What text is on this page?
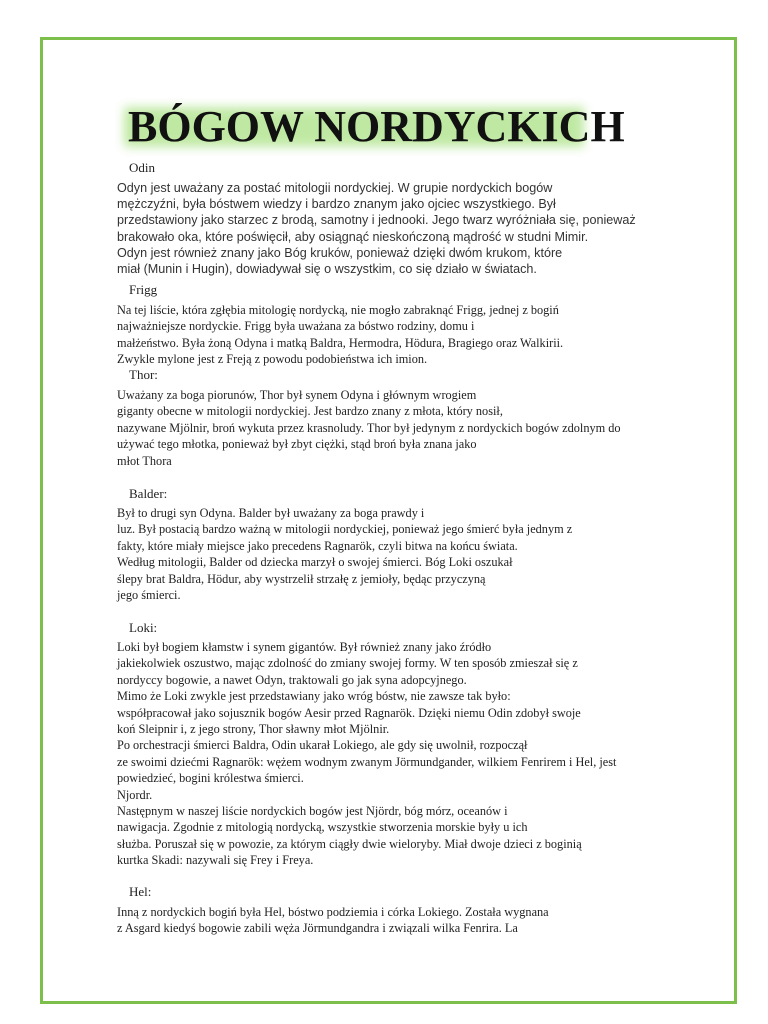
BÓGOW NORDYCKICH
Odin
Odyn jest uważany za postać mitologii nordyckiej. W grupie nordyckich bogów
mężczyźni, była bóstwem wiedzy i bardzo znanym jako ojciec wszystkiego. Był
przedstawiony jako starzec z brodą, samotny i jednooki. Jego twarz wyróżniała się, ponieważ
brakowało oka, które poświęcił, aby osiągnąć nieskończoną mądrość w studni Mimir.
Odyn jest również znany jako Bóg kruków, ponieważ dzięki dwóm krukom, które
miał (Munin i Hugin), dowiadywał się o wszystkim, co się działo w światach.
Frigg
Na tej liście, która zgłębia mitologię nordycką, nie mogło zabraknąć Frigg, jednej z bogiń
najważniejsze nordyckie. Frigg była uważana za bóstwo rodziny, domu i
małżeństwo. Była żoną Odyna i matką Baldra, Hermodra, Hödura, Bragiego oraz Walkirii.
Zwykle mylone jest z Freją z powodu podobieństwa ich imion.
Thor:
Uważany za boga piorunów, Thor był synem Odyna i głównym wrogiem
giganty obecne w mitologii nordyckiej. Jest bardzo znany z młota, który nosił,
nazywane Mjölnir, broń wykuta przez krasnoludy. Thor był jedynym z nordyckich bogów zdolnym do
używać tego młotka, ponieważ był zbyt ciężki, stąd broń była znana jako
młot Thora
Balder:
Był to drugi syn Odyna. Balder był uważany za boga prawdy i
luz. Był postacią bardzo ważną w mitologii nordyckiej, ponieważ jego śmierć była jednym z
fakty, które miały miejsce jako precedens Ragnarök, czyli bitwa na końcu świata.
Według mitologii, Balder od dziecka marzył o swojej śmierci. Bóg Loki oszukał
ślepy brat Baldra, Hödur, aby wystrzelił strzałę z jemioły, będąc przyczyną
jego śmierci.
Loki:
Loki był bogiem kłamstw i synem gigantów. Był również znany jako źródło
jakiekolwiek oszustwo, mając zdolność do zmiany swojej formy. W ten sposób zmieszał się z
nordyccy bogowie, a nawet Odyn, traktowali go jak syna adopcyjnego.
Mimo że Loki zwykle jest przedstawiany jako wróg bóstw, nie zawsze tak było:
współpracował jako sojusznik bogów Aesir przed Ragnarök. Dzięki niemu Odin zdobył swoje
koń Sleipnir i, z jego strony, Thor sławny młot Mjölnir.
Po orchestracji śmierci Baldra, Odin ukarał Lokiego, ale gdy się uwolnił, rozpoczął
ze swoimi dziećmi Ragnarök: wężem wodnym zwanym Jörmundgander, wilkiem Fenrirem i Hel, jest
powiedzieć, bogini królestwa śmierci.
Njordr.
Następnym w naszej liście nordyckich bogów jest Njördr, bóg mórz, oceanów i
nawigacja. Zgodnie z mitologią nordycką, wszystkie stworzenia morskie były u ich
służba. Poruszał się w powozie, za którym ciągły dwie wieloryby. Miał dwoje dzieci z boginią
kurtka Skadi: nazywali się Frey i Freya.
Hel:
Inną z nordyckich bogiń była Hel, bóstwo podziemia i córka Lokiego. Została wygnana
z Asgard kiedyś bogowie zabili węża Jörmundgandra i związali wilka Fenrira. La
